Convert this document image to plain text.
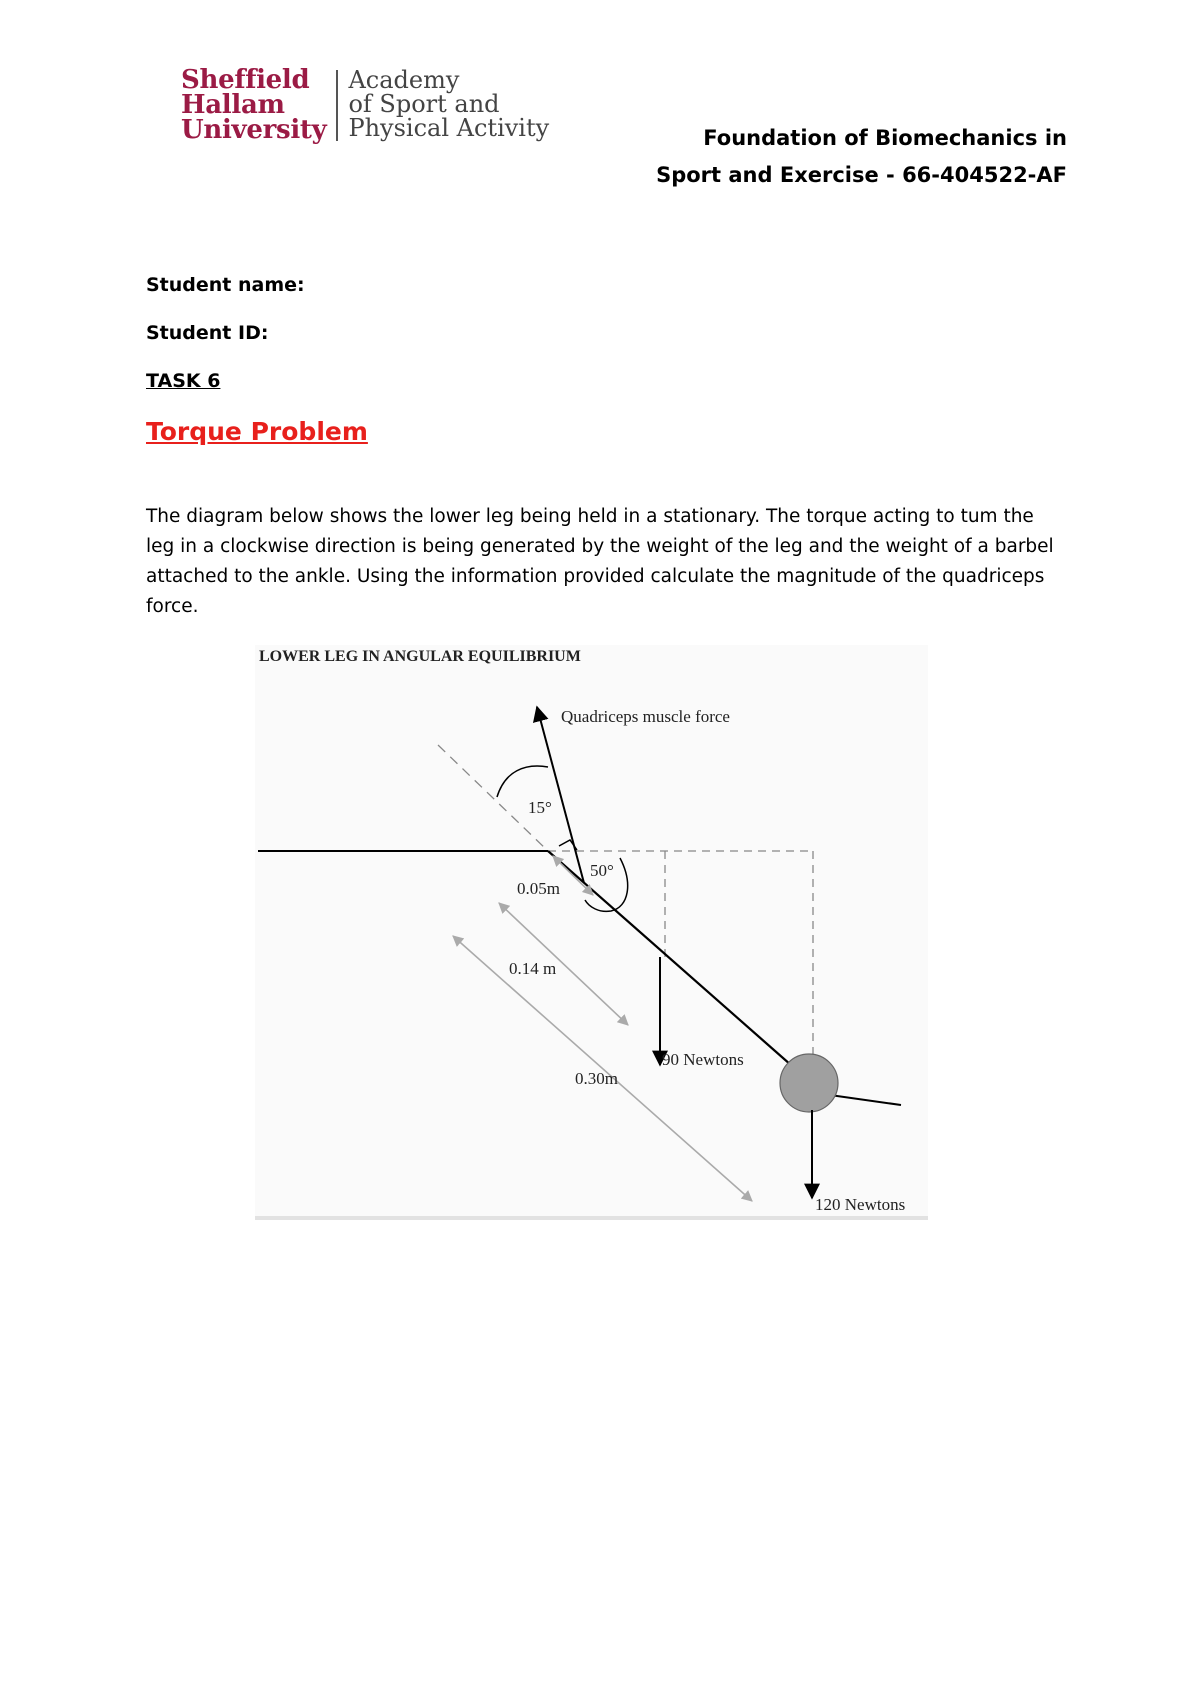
Sheffield
Hallam
University
Academy
of Sport and
Physical Activity	Foundation of Biomechanics in
Sport and Exercise - 66-404522-AF
Student name:
Student ID:
TASK 6
Torque Problem
The diagram below shows the lower leg being held in a stationary. The torque acting to tum the leg in a clockwise direction is being generated by the weight of the leg and the weight of a barbel attached to the ankle. Using the information provided calculate the magnitude of the quadriceps force.
LOWER LEG IN ANGULAR EQUILIBRIUM
Quadriceps muscle force
15°
50°
0.05m
0.14 m
0.30m
90 Newtons
120 Newtons
